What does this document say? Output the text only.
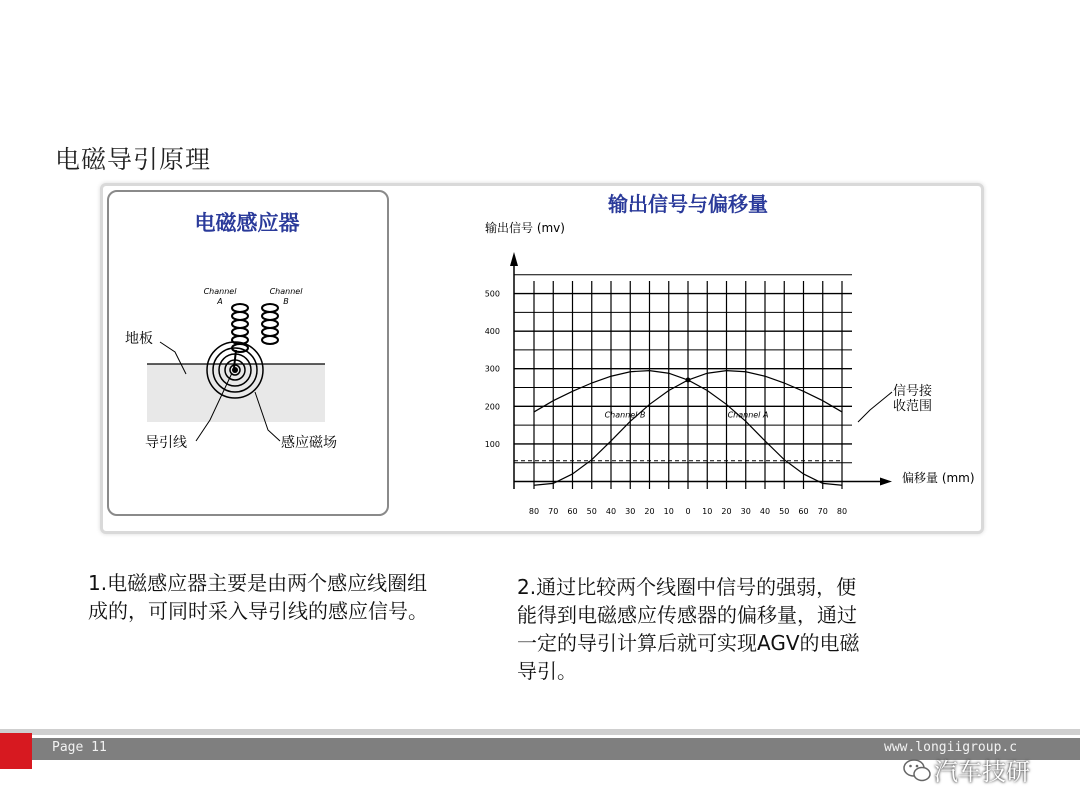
电磁导引原理
电磁感应器
Channel
A
Channel
B
地板
导引线	感应磁场
输出信号与偏移量
输出信号 (mv)
偏移量 (mm)
信号接
收范围
100
200
300
400
500
80 70 60 50 40 30 20 10 0 10 20 30 40 50 60 70 80
Channel B	Channel A
1.电磁感应器主要是由两个感应线圈组成的，可同时采入导引线的感应信号。
2.通过比较两个线圈中信号的强弱，便能得到电磁感应传感器的偏移量，通过一定的导引计算后就可实现AGV的电磁导引。
Page 11	www.longiigroup.c
汽车技研
